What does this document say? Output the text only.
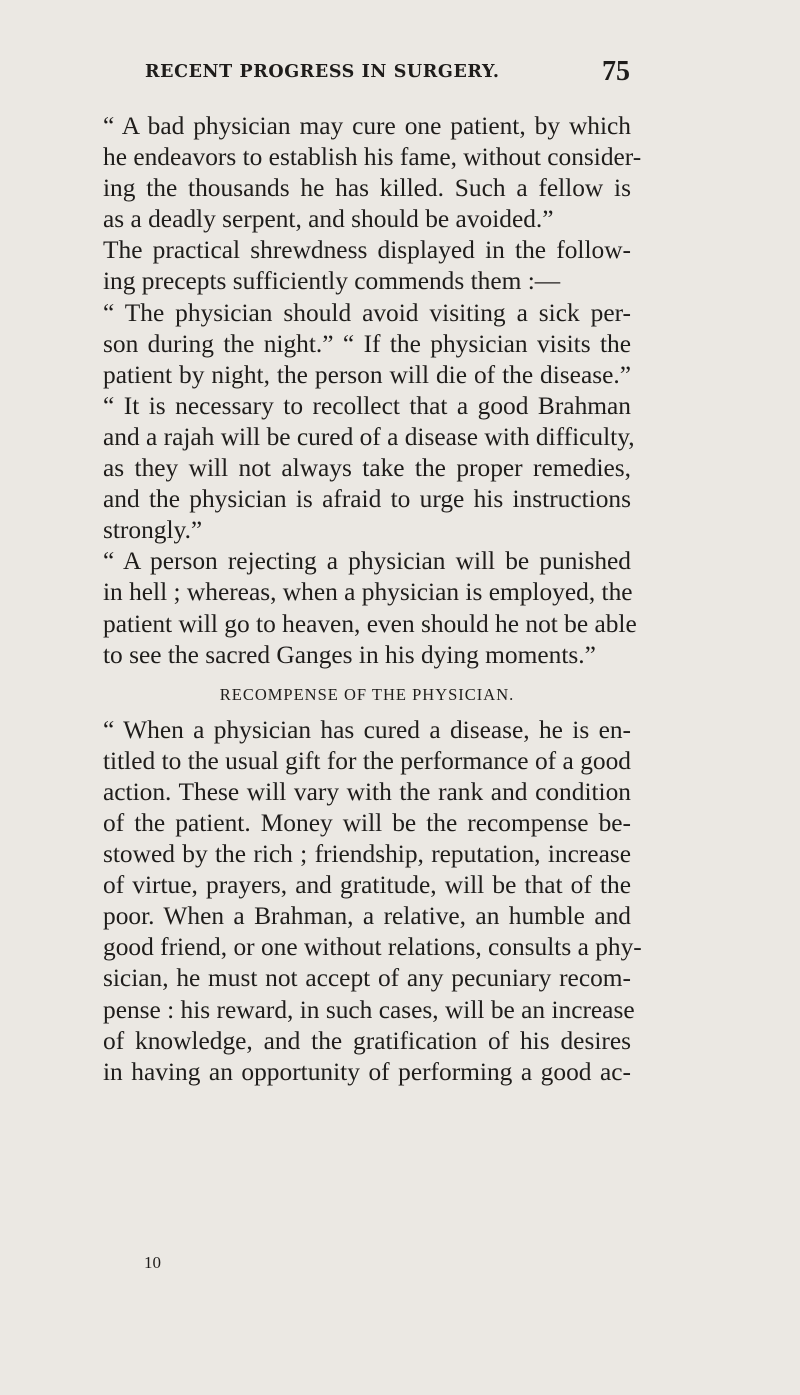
RECENT PROGRESS IN SURGERY.	75
“ A bad physician may cure one patient, by which
he endeavors to establish his fame, without consider-
ing the thousands he has killed. Such a fellow is
as a deadly serpent, and should be avoided.”
The practical shrewdness displayed in the follow-
ing precepts sufficiently commends them :—
“ The physician should avoid visiting a sick per-
son during the night.” “ If the physician visits the
patient by night, the person will die of the disease.”
“ It is necessary to recollect that a good Brahman
and a rajah will be cured of a disease with difficulty,
as they will not always take the proper remedies,
and the physician is afraid to urge his instructions
strongly.”
“ A person rejecting a physician will be punished
in hell ; whereas, when a physician is employed, the
patient will go to heaven, even should he not be able
to see the sacred Ganges in his dying moments.”
RECOMPENSE OF THE PHYSICIAN.
“ When a physician has cured a disease, he is en-
titled to the usual gift for the performance of a good
action. These will vary with the rank and condition
of the patient. Money will be the recompense be-
stowed by the rich ; friendship, reputation, increase
of virtue, prayers, and gratitude, will be that of the
poor. When a Brahman, a relative, an humble and
good friend, or one without relations, consults a phy-
sician, he must not accept of any pecuniary recom-
pense : his reward, in such cases, will be an increase
of knowledge, and the gratification of his desires
in having an opportunity of performing a good ac-
10
